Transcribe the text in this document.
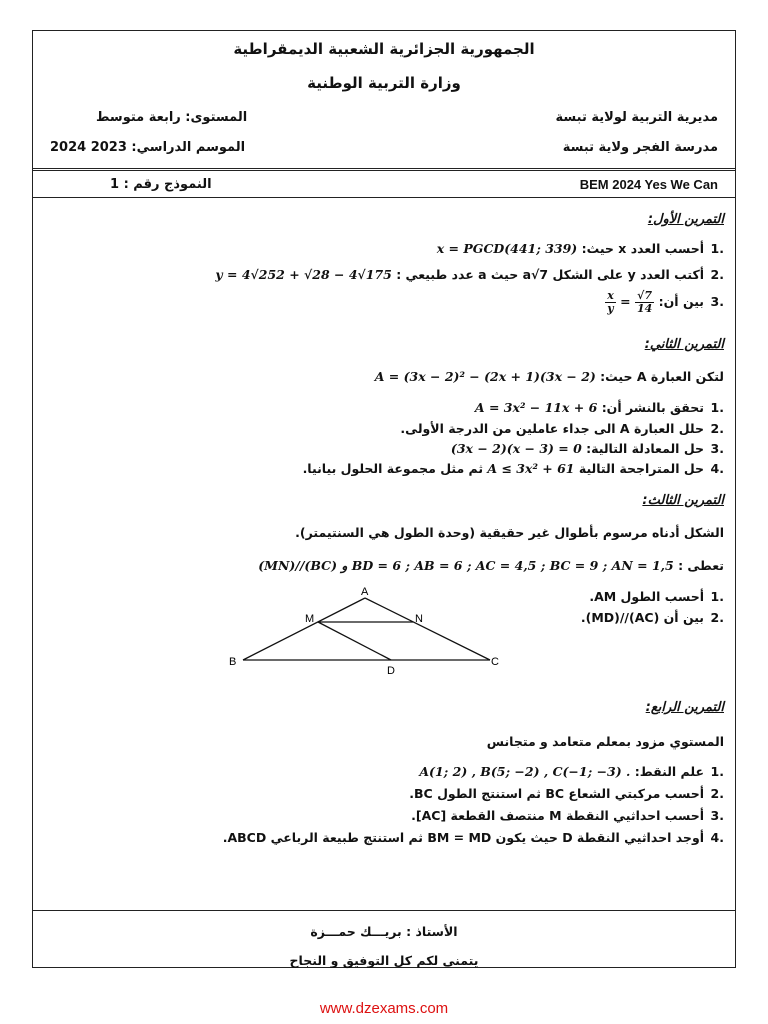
الجمهورية الجزائرية الشعبية الديمقراطية
وزارة التربية الوطنية
مديرية التربية لولاية تبسة
المستوى: رابعة متوسط
مدرسة الفجر ولاية تبسة
الموسم الدراسي: 2023 2024
النموذج رقم : 1	BEM 2024 Yes We Can
التمرين الأول:
.1أحسب العدد x حيث: x = PGCD(441; 339)
.2أكتب العدد y على الشكل a√7 حيث a عدد طبيعي : y = 4√252 + √28 − 4√175
.3بين أن:
$\frac{x}{y} = \frac{√7}{14}$
التمرين الثاني:
لتكن العبارة A حيث: A = (3x − 2)² − (2x + 1)(3x − 2)
.1تحقق بالنشر أن: A = 3x² − 11x + 6
.2حلل العبارة A الى جداء عاملين من الدرجة الأولى.
.3حل المعادلة التالية: (3x − 2)(x − 3) = 0
.4حل المتراجحة التالية A ≤ 3x² + 61 ثم مثل مجموعة الحلول بيانيا.
التمرين الثالث:
الشكل أدناه مرسوم بأطوال غير حقيقية (وحدة الطول هي السنتيمتر).
تعطى : (MN)//(BC) و BD = 6 ; AB = 6 ; AC = 4,5 ; BC = 9 ; AN = 1,5
.1أحسب الطول AM.
.2بين أن (AC)//(MD).
A
M	N
B
D
C
التمرين الرابع:
المستوي مزود بمعلم متعامد و متجانس
.1علم النقط: A(1; 2) , B(5; −2) , C(−1; −3) .
.2أحسب مركبتي الشعاع BC ثم استنتج الطول BC.
.3أحسب احداثيي النقطة M منتصف القطعة [AC].
.4أوجد احداثيي النقطة D حيث يكون BM = MD ثم استنتج طبيعة الرباعي ABCD.
الأستاذ : بريـــك حمـــزة
يتمنى لكم كل التوفيق و النجاح
www.dzexams.com
